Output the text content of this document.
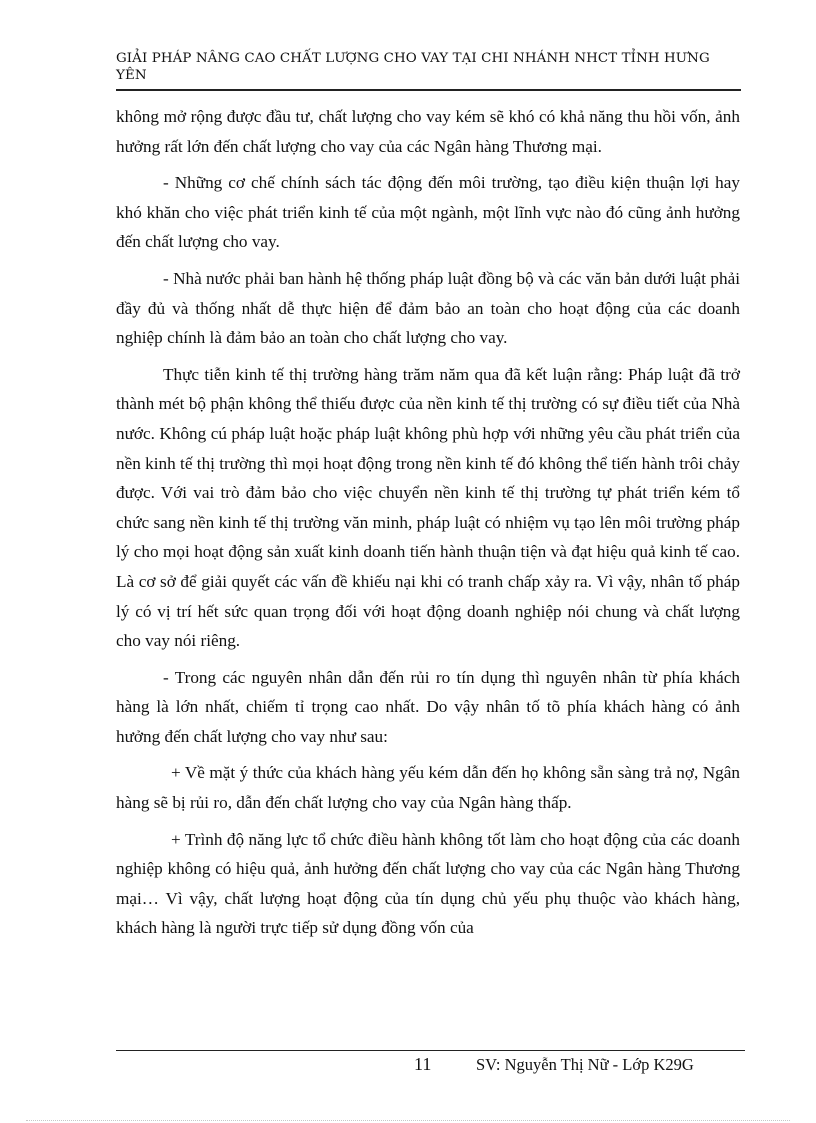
GIẢI PHÁP NÂNG CAO CHẤT LƯỢNG CHO VAY TẠI CHI NHÁNH NHCT TỈNH HƯNG YÊN

không mở rộng được đầu tư, chất lượng cho vay kém sẽ khó có khả năng thu hồi vốn, ảnh hưởng rất lớn đến chất lượng cho vay của các Ngân hàng Thương mại.

- Những cơ chế chính sách tác động đến môi trường, tạo điều kiện thuận lợi hay khó khăn cho việc phát triển kinh tế của một ngành, một lĩnh vực nào đó cũng ảnh hưởng đến chất lượng cho vay.

- Nhà nước phải ban hành hệ thống pháp luật đồng bộ và các văn bản dưới luật phải đầy đủ và thống nhất dễ thực hiện để đảm bảo an toàn cho hoạt động của các doanh nghiệp chính là đảm bảo an toàn cho chất lượng cho vay.

Thực tiễn kinh tế thị trường hàng trăm năm qua đã kết luận rằng: Pháp luật đã trở thành mét bộ phận không thể thiếu được của nền kinh tế thị trường có sự điều tiết của Nhà nước. Không cú pháp luật hoặc pháp luật không phù hợp với những yêu cầu phát triển của nền kinh tế thị trường thì mọi hoạt động trong nền kinh tế đó không thể tiến hành trôi chảy được. Với vai trò đảm bảo cho việc chuyển nền kinh tế thị trường tự phát triển kém tổ chức sang nền kinh tế thị trường văn minh, pháp luật có nhiệm vụ tạo lên môi trường pháp lý cho mọi hoạt động sản xuất kinh doanh tiến hành thuận tiện và đạt hiệu quả kinh tế cao. Là cơ sở để giải quyết các vấn đề khiếu nại khi có tranh chấp xảy ra. Vì vậy, nhân tố pháp lý có vị trí hết sức quan trọng đối với hoạt động doanh nghiệp nói chung và chất lượng cho vay nói riêng.

- Trong các nguyên nhân dẫn đến rủi ro tín dụng thì nguyên nhân từ phía khách hàng là lớn nhất, chiếm tỉ trọng cao nhất. Do vậy nhân tố tõ phía khách hàng có ảnh hưởng đến chất lượng cho vay như sau:

+ Về mặt ý thức của khách hàng yếu kém dẫn đến họ không sẵn sàng trả nợ, Ngân hàng sẽ bị rủi ro, dẫn đến chất lượng cho vay của Ngân hàng thấp.

+ Trình độ năng lực tổ chức điều hành không tốt làm cho hoạt động của các doanh nghiệp không có hiệu quả, ảnh hưởng đến chất lượng cho vay của các Ngân hàng Thương mại… Vì vậy, chất lượng hoạt động của tín dụng chủ yếu phụ thuộc vào khách hàng, khách hàng là người trực tiếp sử dụng đồng vốn của

11	SV: Nguyễn Thị Nữ - Lớp K29G
